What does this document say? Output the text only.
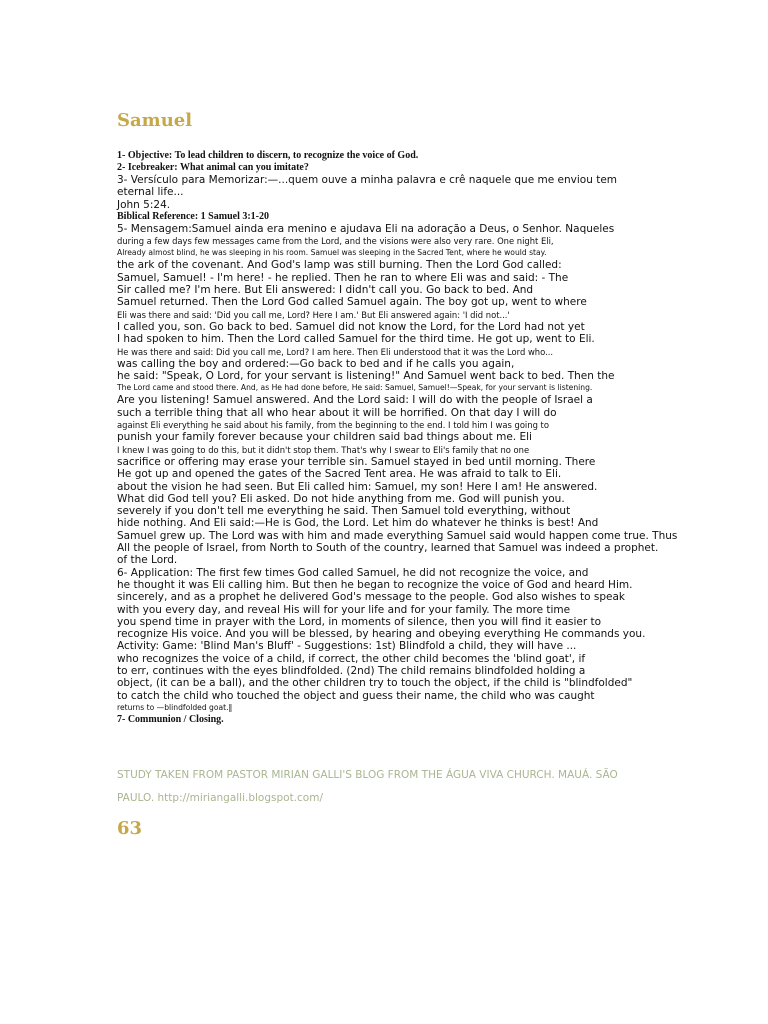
Samuel
1- Objective: To lead children to discern, to recognize the voice of God.
2- Icebreaker: What animal can you imitate?
3- Versículo para Memorizar:—...quem ouve a minha palavra e crê naquele que me enviou tem
eternal life...
John 5:24.
Biblical Reference: 1 Samuel 3:1-20
5- Mensagem:Samuel ainda era menino e ajudava Eli na adoração a Deus, o Senhor. Naqueles
during a few days few messages came from the Lord, and the visions were also very rare. One night Eli,
Already almost blind, he was sleeping in his room. Samuel was sleeping in the Sacred Tent, where he would stay.
the ark of the covenant. And God's lamp was still burning. Then the Lord God called:
Samuel, Samuel! - I'm here! - he replied. Then he ran to where Eli was and said: - The
Sir called me? I'm here. But Eli answered: I didn't call you. Go back to bed. And
Samuel returned. Then the Lord God called Samuel again. The boy got up, went to where
Eli was there and said: 'Did you call me, Lord? Here I am.' But Eli answered again: 'I did not...'
I called you, son. Go back to bed. Samuel did not know the Lord, for the Lord had not yet
I had spoken to him. Then the Lord called Samuel for the third time. He got up, went to Eli.
He was there and said: Did you call me, Lord? I am here. Then Eli understood that it was the Lord who...
was calling the boy and ordered:—Go back to bed and if he calls you again,
he said: "Speak, O Lord, for your servant is listening!" And Samuel went back to bed. Then the
The Lord came and stood there. And, as He had done before, He said: Samuel, Samuel!—Speak, for your servant is listening.
Are you listening! Samuel answered. And the Lord said: I will do with the people of Israel a
such a terrible thing that all who hear about it will be horrified. On that day I will do
against Eli everything he said about his family, from the beginning to the end. I told him I was going to
punish your family forever because your children said bad things about me. Eli
I knew I was going to do this, but it didn't stop them. That's why I swear to Eli's family that no one
sacrifice or offering may erase your terrible sin. Samuel stayed in bed until morning. There
He got up and opened the gates of the Sacred Tent area. He was afraid to talk to Eli.
about the vision he had seen. But Eli called him: Samuel, my son! Here I am! He answered.
What did God tell you? Eli asked. Do not hide anything from me. God will punish you.
severely if you don't tell me everything he said. Then Samuel told everything, without
hide nothing. And Eli said:—He is God, the Lord. Let him do whatever he thinks is best! And
Samuel grew up. The Lord was with him and made everything Samuel said would happen come true. Thus
All the people of Israel, from North to South of the country, learned that Samuel was indeed a prophet.
of the Lord.
6- Application: The first few times God called Samuel, he did not recognize the voice, and
he thought it was Eli calling him. But then he began to recognize the voice of God and heard Him.
sincerely, and as a prophet he delivered God's message to the people. God also wishes to speak
with you every day, and reveal His will for your life and for your family. The more time
you spend time in prayer with the Lord, in moments of silence, then you will find it easier to
recognize His voice. And you will be blessed, by hearing and obeying everything He commands you.
Activity: Game: 'Blind Man's Bluff' - Suggestions: 1st) Blindfold a child, they will have ...
who recognizes the voice of a child, if correct, the other child becomes the 'blind goat', if
to err, continues with the eyes blindfolded. (2nd) The child remains blindfolded holding a
object, (it can be a ball), and the other children try to touch the object, if the child is "blindfolded"
to catch the child who touched the object and guess their name, the child who was caught
returns to —blindfolded goat.‖
7- Communion / Closing.
STUDY TAKEN FROM PASTOR MIRIAN GALLI'S BLOG FROM THE ÁGUA VIVA CHURCH. MAUÁ. SÃO
PAULO. http://miriangalli.blogspot.com/
63
